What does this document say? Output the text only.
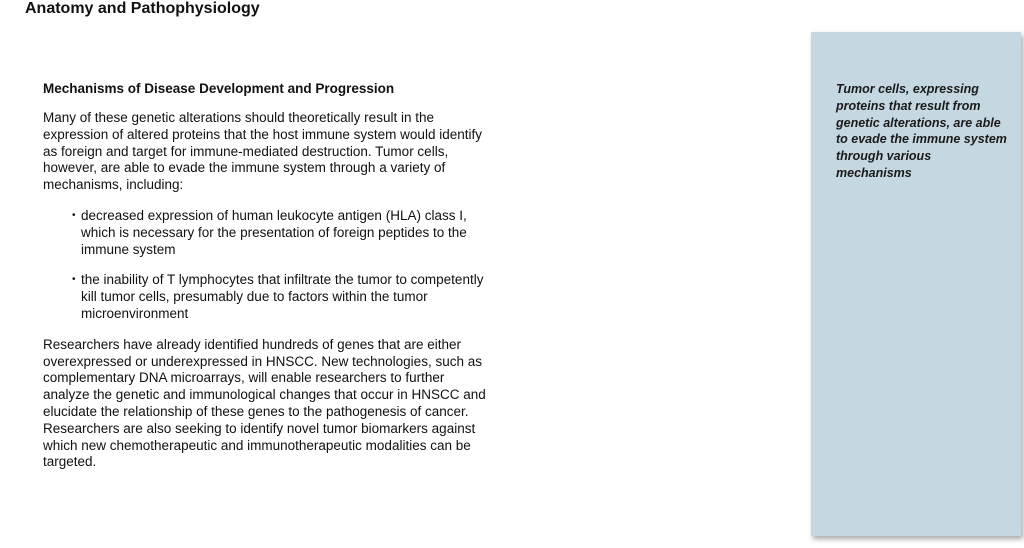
Anatomy and Pathophysiology
Mechanisms of Disease Development and Progression

Many of these genetic alterations should theoretically result in the expression of altered proteins that the host immune system would identify as foreign and target for immune-mediated destruction. Tumor cells, however, are able to evade the immune system through a variety of mechanisms, including:

• decreased expression of human leukocyte antigen (HLA) class I, which is necessary for the presentation of foreign peptides to the immune system
• the inability of T lymphocytes that infiltrate the tumor to competently kill tumor cells, presumably due to factors within the tumor microenvironment

Researchers have already identified hundreds of genes that are either overexpressed or underexpressed in HNSCC. New technologies, such as complementary DNA microarrays, will enable researchers to further analyze the genetic and immunological changes that occur in HNSCC and elucidate the relationship of these genes to the pathogenesis of cancer. Researchers are also seeking to identify novel tumor biomarkers against which new chemotherapeutic and immunotherapeutic modalities can be targeted.

Tumor cells, expressing proteins that result from genetic alterations, are able to evade the immune system through various mechanisms
